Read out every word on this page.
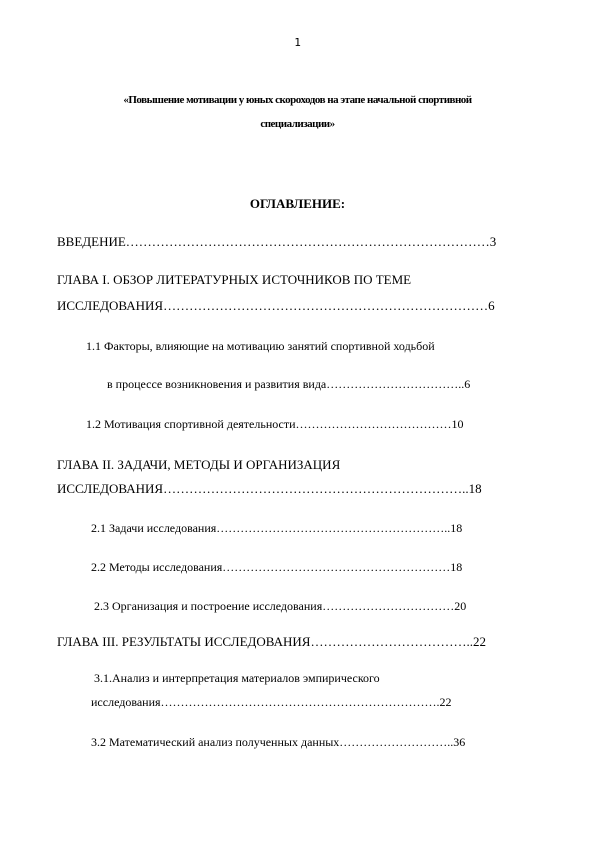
1
«Повышение мотивации у юных скороходов на этапе начальной спортивной
специализации»
ОГЛАВЛЕНИЕ:
ВВЕДЕНИЕ…………………………………………………………………………3
ГЛАВА I. ОБЗОР ЛИТЕРАТУРНЫХ ИСТОЧНИКОВ ПО ТЕМЕ
ИССЛЕДОВАНИЯ…………………………………………………………………6
1.1 Факторы, влияющие на мотивацию занятий спортивной ходьбой
в процессе возникновения и развития вида……………………………..6
1.2 Мотивация спортивной деятельности…………………………………10
ГЛАВА II. ЗАДАЧИ, МЕТОДЫ И ОРГАНИЗАЦИЯ
ИССЛЕДОВАНИЯ……………………………………………………………..18
2.1 Задачи исследования…………………………………………………..18
2.2 Методы исследования…………………………………………………18
2.3 Организация и построение исследования……………………………20
ГЛАВА III. РЕЗУЛЬТАТЫ ИССЛЕДОВАНИЯ………………………………..22
3.1.Анализ и интерпретация материалов эмпирического
исследования…………………………………………………………….22
3.2 Математический анализ полученных данных………………………..36
